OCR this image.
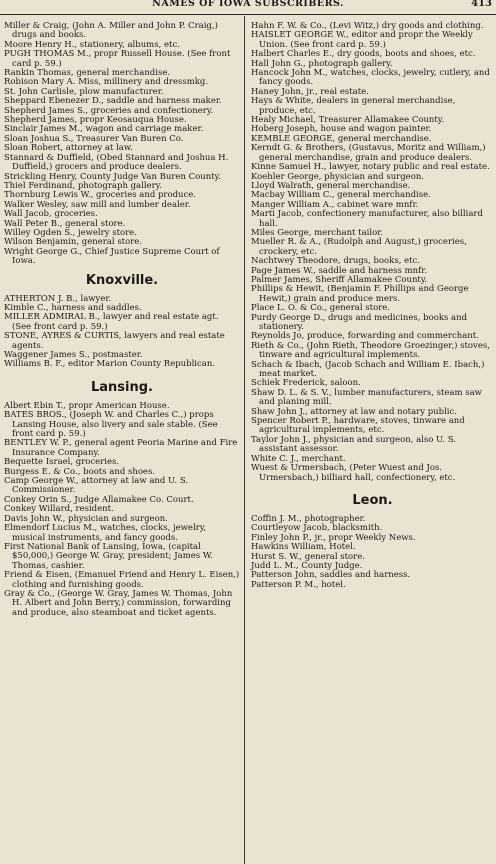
NAMES OF IOWA SUBSCRIBERS.	413
Miller & Craig, (John A. Miller and John P. Craig,) drugs and books.
Moore Henry H., stationery, albums, etc.
PUGH THOMAS M., propr Russell House. (See front card p. 59.)
Rankin Thomas, general merchandise.
Robison Mary A. Miss, millinery and dressmkg.
St. John Carlisle, plow manufacturer.
Sheppard Ebenezer D., saddle and harness maker.
Shepherd James S., groceries and confectionery.
Shepherd James, propr Keosauqua House.
Sinclair James M., wagon and carriage maker.
Sloan Joshua S., Treasurer Van Buren Co.
Sloan Robert, attorney at law.
Stannard & Duffield, (Obed Stannard and Joshua H. Duffield,) grocers and produce dealers.
Strickling Henry, County Judge Van Buren County.
Thiel Ferdinand, photograph gallery.
Thornburg Lewis W., groceries and produce.
Walker Wesley, saw mill and lumber dealer.
Wall Jacob, groceries.
Wall Peter B., general store.
Willey Ogden S., jewelry store.
Wilson Benjamin, general store.
Wright George G., Chief Justice Supreme Court of Iowa.
Knoxville.
ATHERTON J. B., lawyer.
Kimble C., harness and saddles.
MILLER ADMIRAL B., lawyer and real estate agt. (See front card p. 59.)
STONE, AYRES & CURTIS, lawyers and real estate agents.
Waggener James S., postmaster.
Williams B. F., editor Marion County Republican.
Lansing.
Albert Ebin T., propr American House.
BATES BROS., (Joseph W. and Charles C.,) props Lansing House, also livery and sale stable. (See front card p. 59.)
BENTLEY W. P., general agent Peoria Marine and Fire Insurance Company.
Bequette Israel, groceries.
Burgess E. & Co., boots and shoes.
Camp George W., attorney at law and U. S. Commissioner.
Conkey Orin S., Judge Allamakee Co. Court.
Conkey Willard, resident.
Davis John W., physician and surgeon.
Elmendorf Lucius M., watches, clocks, jewelry, musical instruments, and fancy goods.
First National Bank of Lansing, Iowa, (capital $50,000,) George W. Gray, president; James W. Thomas, cashier.
Friend & Eisen, (Emanuel Friend and Henry L. Eisen,) clothing and furnishing goods.
Gray & Co., (George W. Gray, James W. Thomas, John H. Albert and John Berry,) commission, forwarding and produce, also steamboat and ticket agents.
Hahn F. W. & Co., (Levi Witz,) dry goods and clothing.
HAISLET GEORGE W., editor and propr the Weekly Union. (See front card p. 59.)
Halbert Charles E., dry goods, boots and shoes, etc.
Hall John G., photograph gallery.
Hancock John M., watches, clocks, jewelry, cutlery, and fancy goods.
Haney John, jr., real estate.
Hays & White, dealers in general merchandise, produce, etc.
Healy Michael, Treasurer Allamakee County.
Hoberg Joseph, house and wagon painter.
KEMBLE GEORGE, general merchandise.
Kerndt G. & Brothers, (Gustavus, Moritz and William,) general merchandise, grain and produce dealers.
Kinne Samuel H., lawyer, notary public and real estate.
Koehler George, physician and surgeon.
Lloyd Walrath, general merchandise.
Macbay William C., general merchandise.
Manger William A., cabinet ware mnfr.
Marti Jacob, confectionery manufacturer, also billiard hall.
Miles George, merchant tailor.
Mueller R. & A., (Rudolph and August,) groceries, crockery, etc.
Nachtwey Theodore, drugs, books, etc.
Page James W., saddle and harness mnfr.
Palmer James, Sheriff Allamakee County.
Phillips & Hewit, (Benjamin F. Phillips and George Hewit,) grain and produce mers.
Place L. O. & Co., general store.
Purdy George D., drugs and medicines, books and stationery.
Reynolds Jo, produce, forwarding and commerchant.
Rieth & Co., (John Rieth, Theodore Groezinger,) stoves, tinware and agricultural implements.
Schach & Ibach, (Jacob Schach and William E. Ibach,) meat market.
Schiek Frederick, saloon.
Shaw D. L. & S. V., lumber manufacturers, steam saw and planing mill.
Shaw John J., attorney at law and notary public.
Spencer Robert P., hardware, stoves, tinware and agricultural implements, etc.
Taylor John J., physician and surgeon, also U. S. assistant assessor.
White C. J., merchant.
Wuest & Urmersbach, (Peter Wuest and Jos. Urmersbach,) billiard hall, confectionery, etc.
Leon.
Coffin J. M., photographer.
Courtleyow Jacob, blacksmith.
Finley John P., jr., propr Weekly News.
Hawkins William, Hotel.
Hurst S. W., general store.
Judd L. M., County Judge.
Patterson John, saddles and harness.
Patterson P. M., hotel.
